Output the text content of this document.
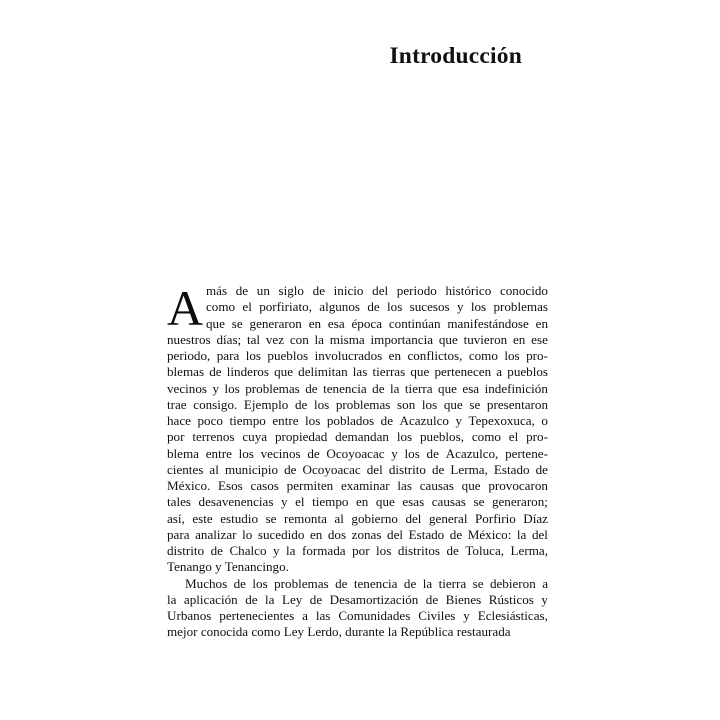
Introducción
A más de un siglo de inicio del periodo histórico conocido
como el porfiriato, algunos de los sucesos y los problemas
que se generaron en esa época continúan manifestándose en
nuestros días; tal vez con la misma importancia que tuvieron en ese
periodo, para los pueblos involucrados en conflictos, como los pro-
blemas de linderos que delimitan las tierras que pertenecen a pueblos
vecinos y los problemas de tenencia de la tierra que esa indefinición
trae consigo. Ejemplo de los problemas son los que se presentaron
hace poco tiempo entre los poblados de Acazulco y Tepexoxuca, o
por terrenos cuya propiedad demandan los pueblos, como el pro-
blema entre los vecinos de Ocoyoacac y los de Acazulco, pertene-
cientes al municipio de Ocoyoacac del distrito de Lerma, Estado de
México. Esos casos permiten examinar las causas que provocaron
tales desavenencias y el tiempo en que esas causas se generaron;
así, este estudio se remonta al gobierno del general Porfirio Díaz
para analizar lo sucedido en dos zonas del Estado de México: la del
distrito de Chalco y la formada por los distritos de Toluca, Lerma,
Tenango y Tenancingo.
Muchos de los problemas de tenencia de la tierra se debieron a
la aplicación de la Ley de Desamortización de Bienes Rústicos y
Urbanos pertenecientes a las Comunidades Civiles y Eclesiásticas,
mejor conocida como Ley Lerdo, durante la República restaurada
